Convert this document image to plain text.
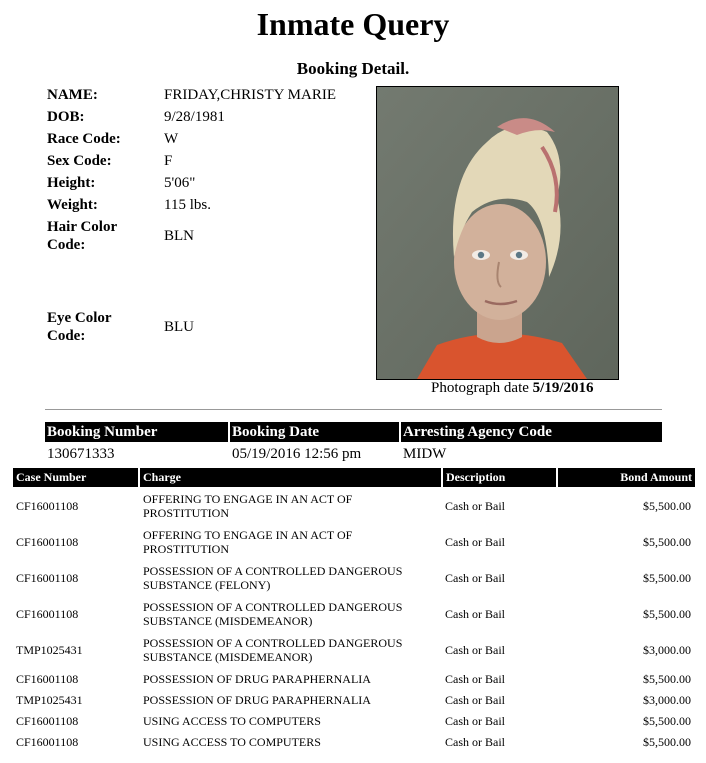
Inmate Query
Booking Detail.
NAME:	FRIDAY,CHRISTY MARIE
DOB:	9/28/1981
Race Code:	W
Sex Code:	F
Height:	5'06"
Weight:	115 lbs.
Hair Color Code:
BLN
Eye Color Code:
BLU
Photograph date 5/19/2016
Booking Number	Booking Date	Arresting Agency Code
130671333	05/19/2016 12:56 pm	MIDW
Case Number	Charge	Description	Bond Amount
CF16001108	OFFERING TO ENGAGE IN AN ACT OF PROSTITUTION	Cash or Bail	$5,500.00
CF16001108	OFFERING TO ENGAGE IN AN ACT OF PROSTITUTION	Cash or Bail	$5,500.00
CF16001108	POSSESSION OF A CONTROLLED DANGEROUS SUBSTANCE (FELONY)	Cash or Bail	$5,500.00
CF16001108	POSSESSION OF A CONTROLLED DANGEROUS SUBSTANCE (MISDEMEANOR)	Cash or Bail	$5,500.00
TMP1025431	POSSESSION OF A CONTROLLED DANGEROUS SUBSTANCE (MISDEMEANOR)	Cash or Bail	$3,000.00
CF16001108	POSSESSION OF DRUG PARAPHERNALIA	Cash or Bail	$5,500.00
TMP1025431	POSSESSION OF DRUG PARAPHERNALIA	Cash or Bail	$3,000.00
CF16001108	USING ACCESS TO COMPUTERS	Cash or Bail	$5,500.00
CF16001108	USING ACCESS TO COMPUTERS	Cash or Bail	$5,500.00
